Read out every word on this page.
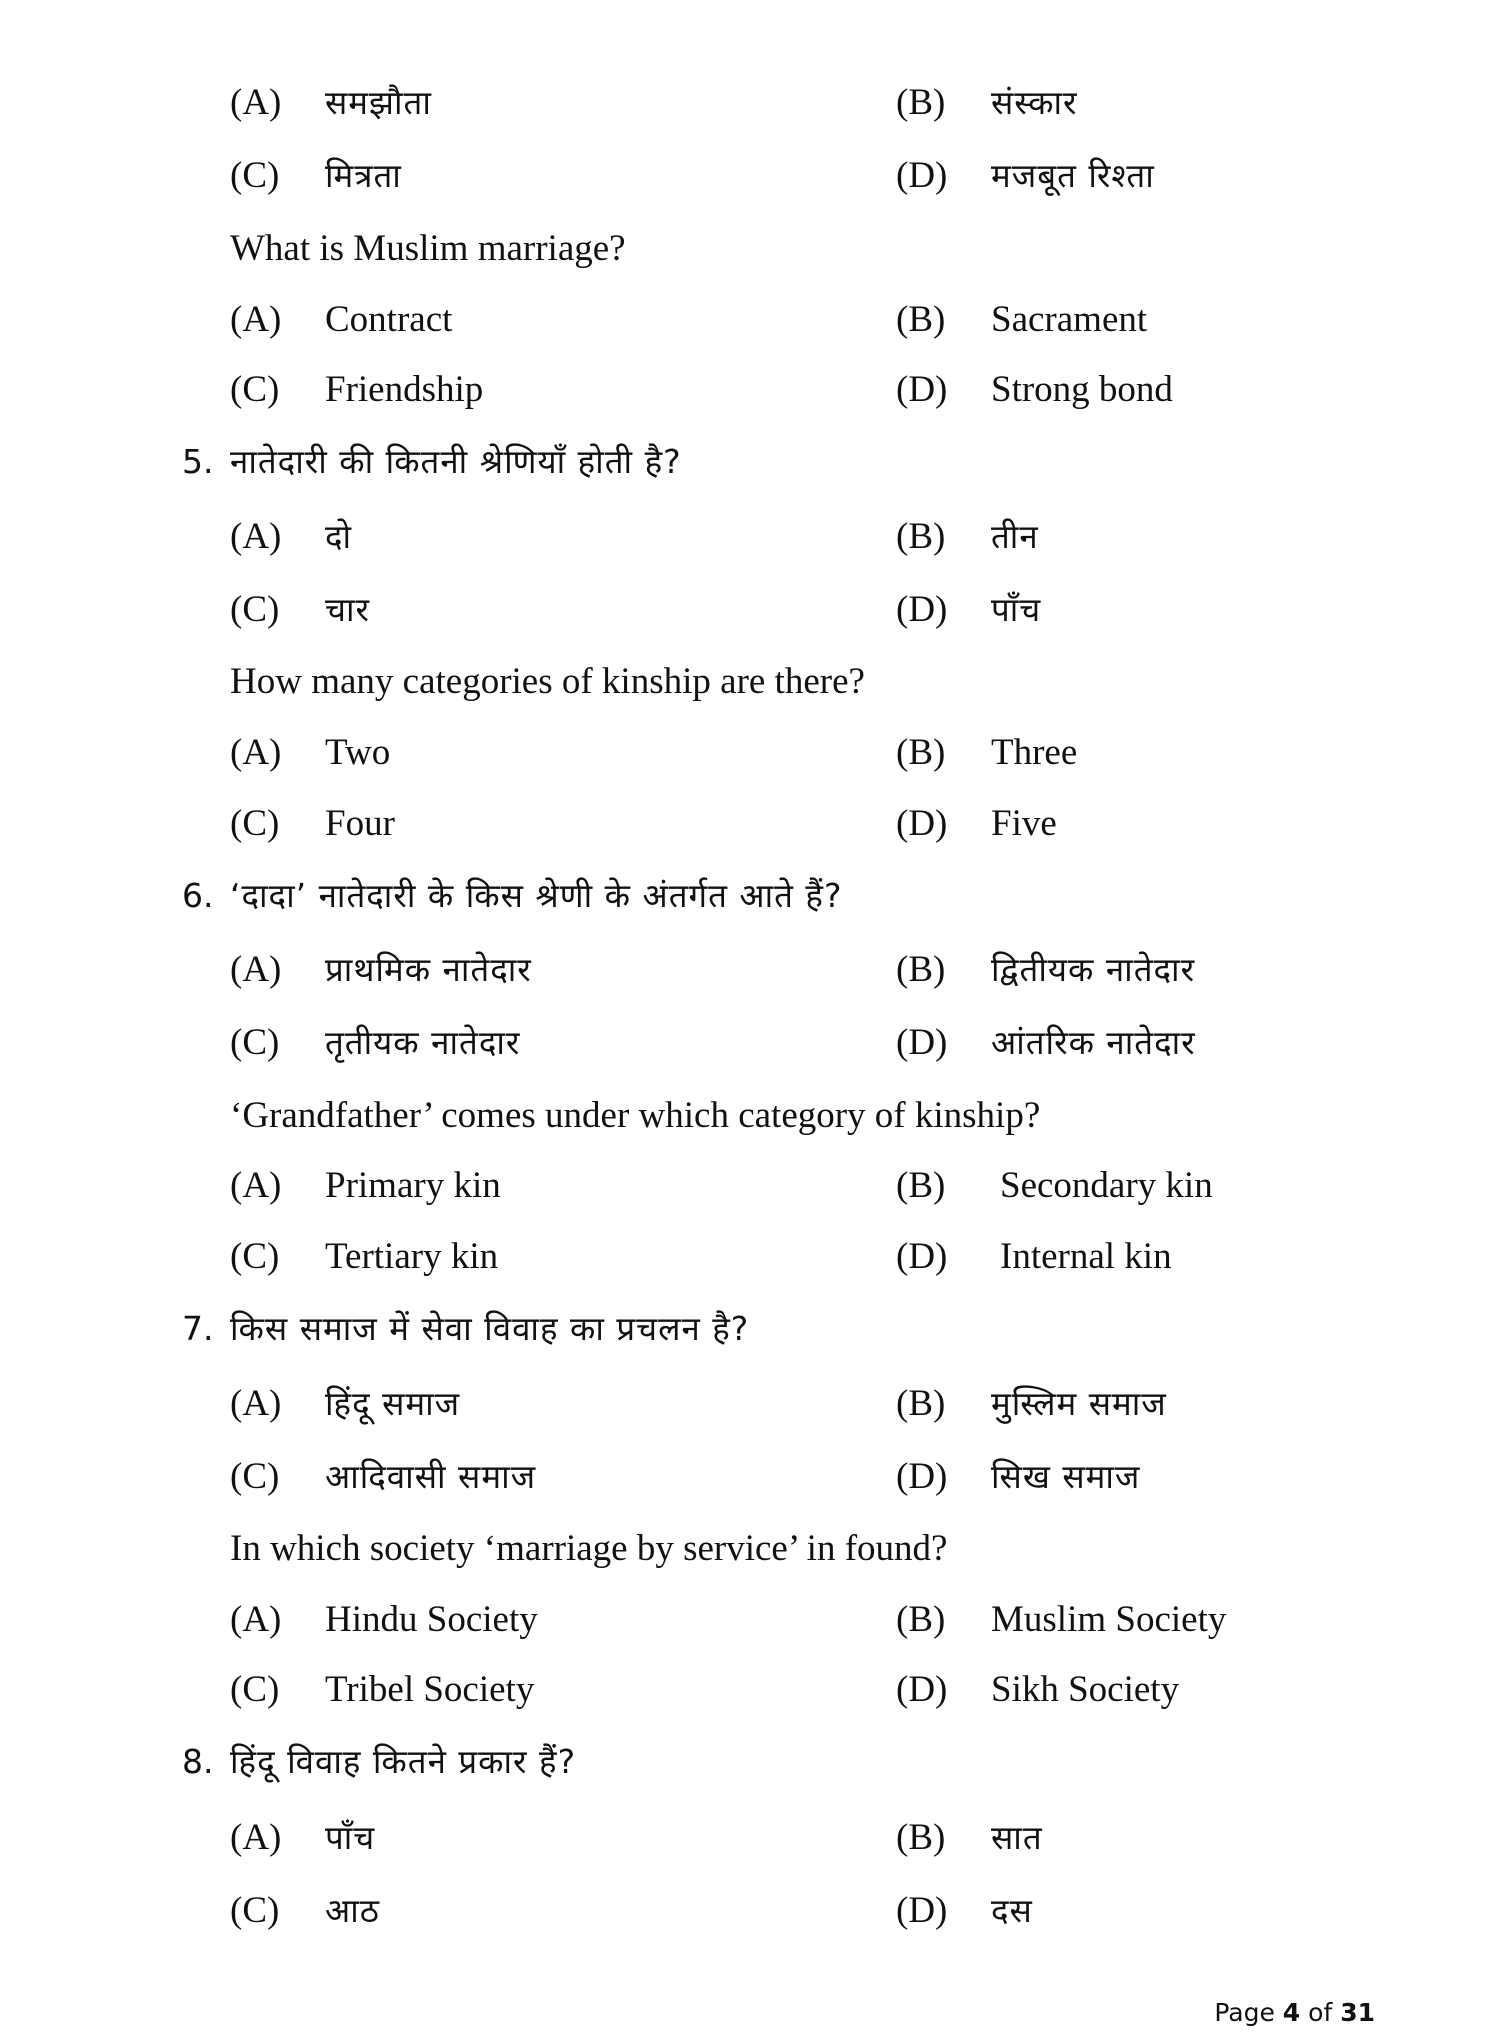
(A) समझौता	(B) संस्कार
(C) मित्रता	(D) मजबूत रिश्ता
What is Muslim marriage?
(A) Contract	(B) Sacrament
(C) Friendship	(D) Strong bond
5. नातेदारी की कितनी श्रेणियाँ होती है?
(A) दो	(B) तीन
(C) चार	(D) पाँच
How many categories of kinship are there?
(A) Two	(B) Three
(C) Four	(D) Five
6. ‘दादा’ नातेदारी के किस श्रेणी के अंतर्गत आते हैं?
(A) प्राथमिक नातेदार	(B) द्वितीयक नातेदार
(C) तृतीयक नातेदार	(D) आंतरिक नातेदार
‘Grandfather’ comes under which category of kinship?
(A) Primary kin	(B) Secondary kin
(C) Tertiary kin	(D) Internal kin
7. किस समाज में सेवा विवाह का प्रचलन है?
(A) हिंदू समाज	(B) मुस्लिम समाज
(C) आदिवासी समाज	(D) सिख समाज
In which society ‘marriage by service’ in found?
(A) Hindu Society	(B) Muslim Society
(C) Tribel Society	(D) Sikh Society
8. हिंदू विवाह कितने प्रकार हैं?
(A) पाँच	(B) सात
(C) आठ	(D) दस
Page 4 of 31
